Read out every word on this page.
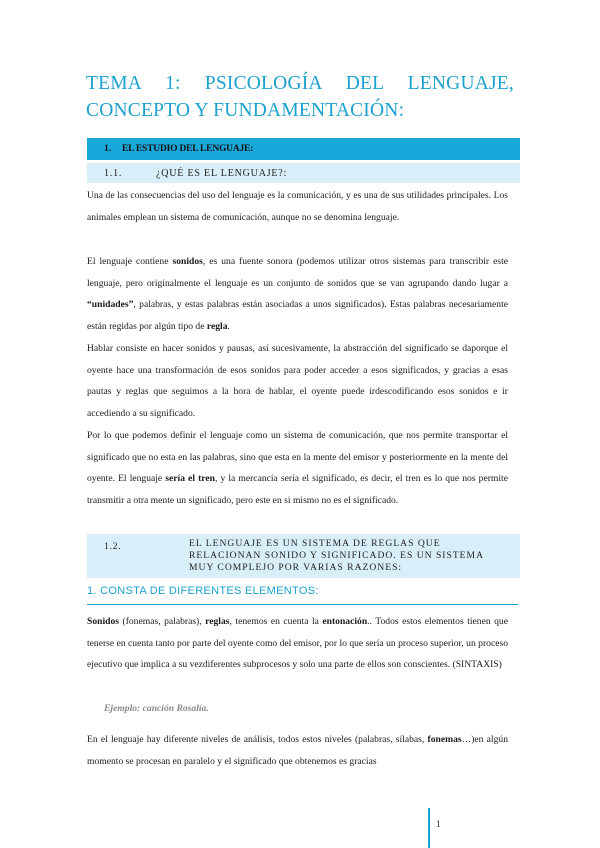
TEMA 1: PSICOLOGÍA DEL LENGUAJE,
CONCEPTO Y FUNDAMENTACIÓN:
1.	EL ESTUDIO DEL LENGUAJE:
1.1.	¿QUÉ ES EL LENGUAJE?:

Una de las consecuencias del uso del lenguaje es la comunicación, y es una de sus utilidades principales. Los animales emplean un sistema de comunicación, aunque no se denomina lenguaje.

El lenguaje contiene sonidos, es una fuente sonora (podemos utilizar otros sistemas para transcribir este lenguaje, pero originalmente el lenguaje es un conjunto de sonidos que se van agrupando dando lugar a “unidades”, palabras, y estas palabras están asociadas a unos significados). Estas palabras necesariamente están regidas por algún tipo de regla.

Hablar consiste en hacer sonidos y pausas, así sucesivamente, la abstracción del significado se daporque el oyente hace una transformación de esos sonidos para poder acceder a esos significados, y gracias a esas pautas y reglas que seguimos a la hora de hablar, el oyente puede irdescodificando esos sonidos e ir accediendo a su significado.

Por lo que podemos definir el lenguaje como un sistema de comunicación, que nos permite transportar el significado que no esta en las palabras, sino que esta en la mente del emisor y posteriormente en la mente del oyente. El lenguaje sería el tren, y la mercancía sería el significado, es decir, el tren es lo que nos permite transmitir a otra mente un significado, pero este en si mismo no es el significado.

1.2.	EL LENGUAJE ES UN SISTEMA DE REGLAS QUE RELACIONAN SONIDO Y SIGNIFICADO. ES UN SISTEMA MUY COMPLEJO POR VARIAS RAZONES:
1. CONSTA DE DIFERENTES ELEMENTOS:

Sonidos (fonemas, palabras), reglas, tenemos en cuenta la entonación.. Todos estos elementos tienen que tenerse en cuenta tanto por parte del oyente como del emisor, por lo que sería un proceso superior, un proceso ejecutivo que implica a su vezdiferentes subprocesos y solo una parte de ellos son conscientes. (SINTAXIS)

Ejemplo: canción Rosalía.

En el lenguaje hay diferente niveles de análisis, todos estos niveles (palabras, sílabas, fonemas…)en algún momento se procesan en paralelo y el significado que obtenemos es gracias

1
